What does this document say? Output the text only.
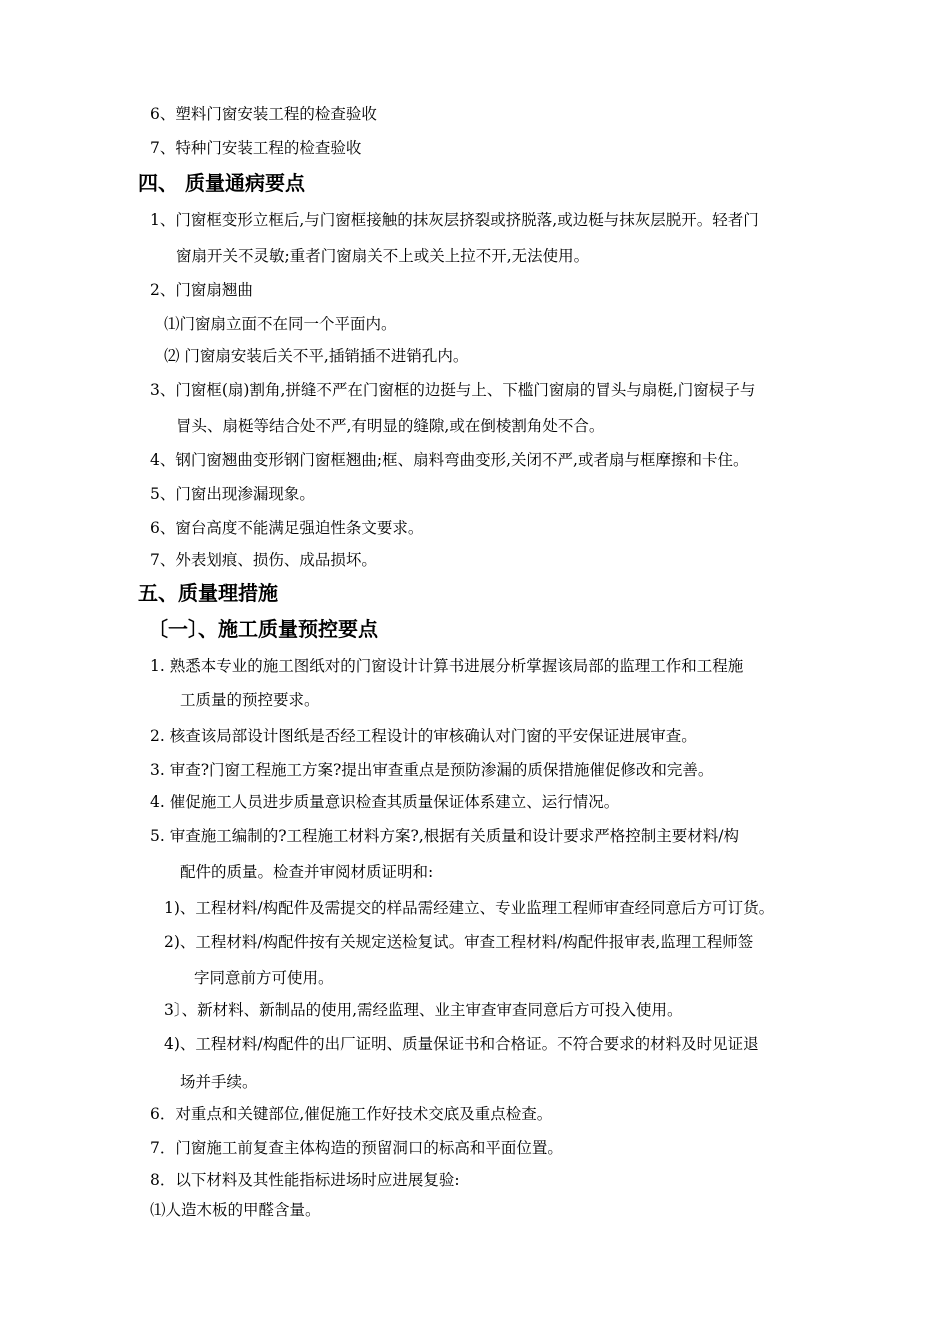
6、塑料门窗安装工程的检查验收
7、特种门安装工程的检查验收
四、 质量通病要点
1、门窗框变形立框后,与门窗框接触的抹灰层挤裂或挤脱落,或边梃与抹灰层脱开。轻者门
窗扇开关不灵敏;重者门窗扇关不上或关上拉不开,无法使用。
2、门窗扇翘曲
⑴门窗扇立面不在同一个平面内。
⑵ 门窗扇安装后关不平,插销插不进销孔内。
3、门窗框(扇)割角,拼缝不严在门窗框的边挺与上、下槛门窗扇的冒头与扇梃,门窗棂子与
冒头、扇梃等结合处不严,有明显的缝隙,或在倒棱割角处不合。
4、钢门窗翘曲变形钢门窗框翘曲;框、扇料弯曲变形,关闭不严,或者扇与框摩擦和卡住。
5、门窗出现渗漏现象。
6、窗台高度不能满足强迫性条文要求。
7、外表划痕、损伤、成品损坏。
五、质量理措施
〔一〕、施工质量预控要点
1. 熟悉本专业的施工图纸对的门窗设计计算书进展分析掌握该局部的监理工作和工程施
工质量的预控要求。
2. 核查该局部设计图纸是否经工程设计的审核确认对门窗的平安保证进展审查。
3. 审查?门窗工程施工方案?提出审查重点是预防渗漏的质保措施催促修改和完善。
4. 催促施工人员进步质量意识检查其质量保证体系建立、运行情况。
5. 审查施工编制的?工程施工材料方案?,根据有关质量和设计要求严格控制主要材料/构
配件的质量。检查并审阅材质证明和:
1)、工程材料/构配件及需提交的样品需经建立、专业监理工程师审查经同意后方可订货。
2)、工程材料/构配件按有关规定送检复试。审查工程材料/构配件报审表,监理工程师签
字同意前方可使用。
3〕、新材料、新制品的使用,需经监理、业主审查审查同意后方可投入使用。
4)、工程材料/构配件的出厂证明、质量保证书和合格证。不符合要求的材料及时见证退
场并手续。
6．对重点和关键部位,催促施工作好技术交底及重点检查。
7．门窗施工前复查主体构造的预留洞口的标高和平面位置。
8．以下材料及其性能指标进场时应进展复验:
⑴人造木板的甲醛含量。
